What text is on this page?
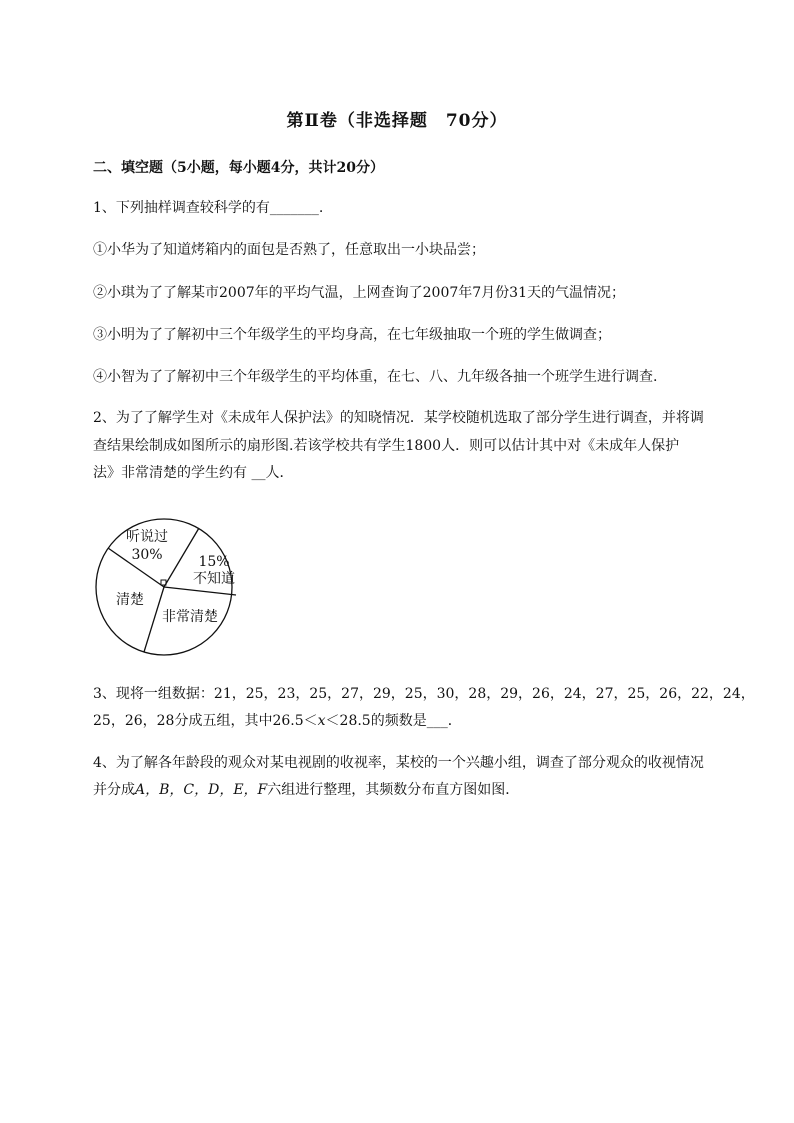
第Ⅱ卷（非选择题　70分）
二、填空题（5小题，每小题4分，共计20分）
1、下列抽样调查较科学的有_______.
①小华为了知道烤箱内的面包是否熟了，任意取出一小块品尝；
②小琪为了了解某市2007年的平均气温，上网查询了2007年7月份31天的气温情况；
③小明为了了解初中三个年级学生的平均身高，在七年级抽取一个班的学生做调查；
④小智为了了解初中三个年级学生的平均体重，在七、八、九年级各抽一个班学生进行调查.
2、为了了解学生对《未成年人保护法》的知晓情况．某学校随机选取了部分学生进行调查，并将调
查结果绘制成如图所示的扇形图.若该学校共有学生1800人．则可以估计其中对《未成年人保护
法》非常清楚的学生约有 __人．
听说过
30%	15%
不知道
非常清楚
清楚
3、现将一组数据：21，25，23，25，27，29，25，30，28，29，26，24，27，25，26，22，24，
25，26，28分成五组，其中26.5＜x＜28.5的频数是___．
4、为了解各年龄段的观众对某电视剧的收视率，某校的一个兴趣小组，调查了部分观众的收视情况
并分成A，B，C，D，E，F六组进行整理，其频数分布直方图如图．
